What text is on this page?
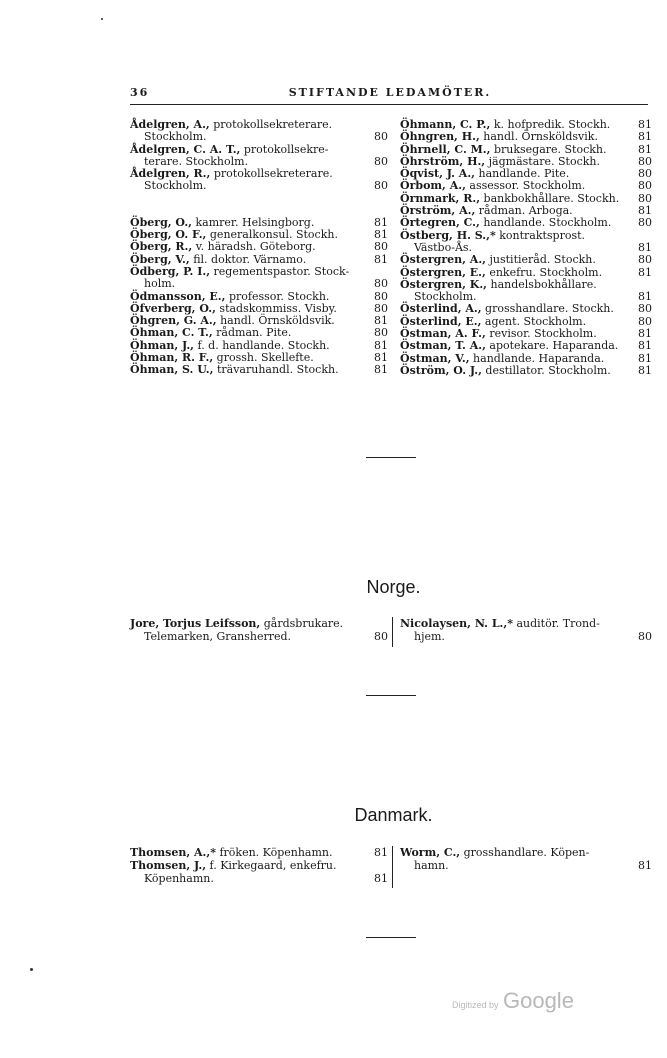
36	STIFTANDE LEDAMÖTER.
Ådelgren, A., protokollsekreterare.
Stockholm.	80
Ådelgren, C. A. T., protokollsekre-
terare. Stockholm.	80
Ådelgren, R., protokollsekreterare.
Stockholm.	80
Öberg, O., kamrer. Helsingborg.	81
Öberg, O. F., generalkonsul. Stockh.	81
Öberg, R., v. häradsh. Göteborg.	80
Öberg, V., fil. doktor. Värnamo.	81
Ödberg, P. I., regementspastor. Stock-
holm.	80
Ödmansson, E., professor. Stockh.	80
Öfverberg, O., stadskommiss. Visby.	80
Öhgren, G. A., handl. Örnsköldsvik.	81
Öhman, C. T., rådman. Pite.	80
Öhman, J., f. d. handlande. Stockh.	81
Öhman, R. F., grossh. Skellefte.	81
Öhman, S. U., trävaruhandl. Stockh.	81
Öhmann, C. P., k. hofpredik. Stockh.	81
Öhngren, H., handl. Örnsköldsvik.	81
Öhrnell, C. M., bruksegare. Stockh.	81
Öhrström, H., jägmästare. Stockh.	80
Öqvist, J. A., handlande. Pite.	80
Örbom, A., assessor. Stockholm.	80
Örnmark, R., bankbokhållare. Stockh.	80
Örström, A., rådman. Arboga.	81
Örtegren, C., handlande. Stockholm.	80
Östberg, H. S.,* kontraktsprost.
Västbo-Ås.	81
Östergren, A., justitieråd. Stockh.	80
Östergren, E., enkefru. Stockholm.	81
Östergren, K., handelsbokhållare.
Stockholm.	81
Österlind, A., grosshandlare. Stockh.	80
Österlind, E., agent. Stockholm.	80
Östman, A. F., revisor. Stockholm.	81
Östman, T. A., apotekare. Haparanda.	81
Östman, V., handlande. Haparanda.	81
Öström, O. J., destillator. Stockholm.	81
Norge.
Jore, Torjus Leifsson, gårdsbrukare.
Telemarken, Gransherred.	80
Nicolaysen, N. L.,* auditör. Trond-
hjem.	80
Danmark.
Thomsen, A.,* fröken. Köpenhamn.	81
Thomsen, J., f. Kirkegaard, enkefru.
Köpenhamn.	81
Worm, C., grosshandlare. Köpen-
hamn.	81
Digitized by Google
